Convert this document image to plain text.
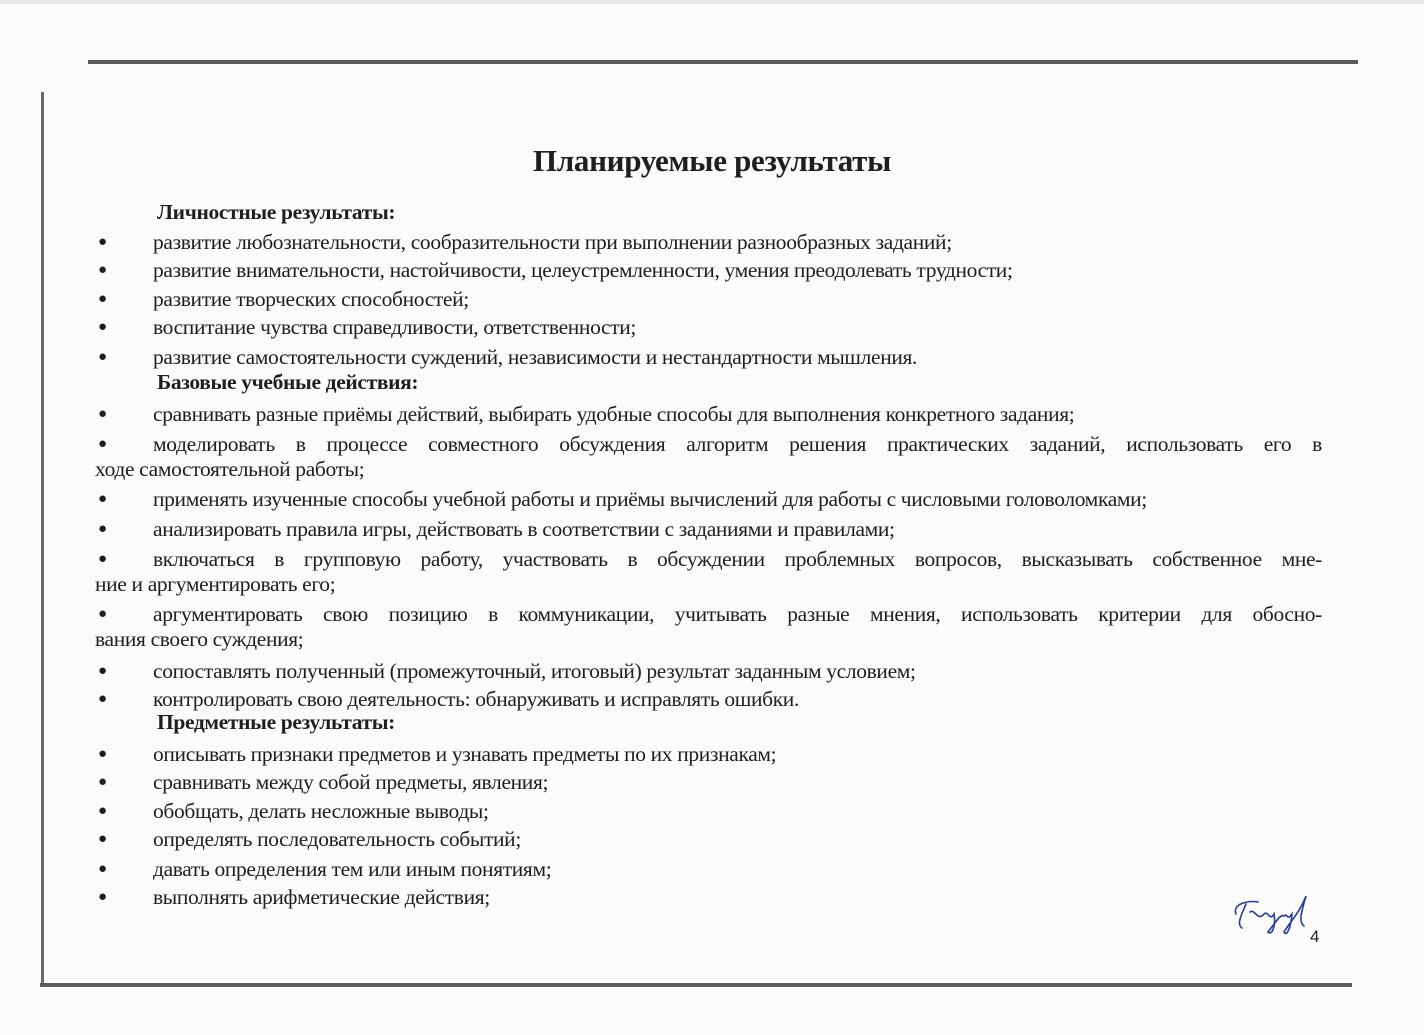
Планируемые результаты
Личностные результаты:
● развитие любознательности, сообразительности при выполнении разнообразных заданий;
● развитие внимательности, настойчивости, целеустремленности, умения преодолевать трудности;
● развитие творческих способностей;
● воспитание чувства справедливости, ответственности;
● развитие самостоятельности суждений, независимости и нестандартности мышления.
Базовые учебные действия:
● сравнивать разные приёмы действий, выбирать удобные способы для выполнения конкретного задания;
● моделировать в процессе совместного обсуждения алгоритм решения практических заданий, использовать его в
ходе самостоятельной работы;
● применять изученные способы учебной работы и приёмы вычислений для работы с числовыми головоломками;
● анализировать правила игры, действовать в соответствии с заданиями и правилами;
● включаться в групповую работу, участвовать в обсуждении проблемных вопросов, высказывать собственное мне-
ние и аргументировать его;
● аргументировать свою позицию в коммуникации, учитывать разные мнения, использовать критерии для обосно-
вания своего суждения;
● сопоставлять полученный (промежуточный, итоговый) результат заданным условием;
● контролировать свою деятельность: обнаруживать и исправлять ошибки.
Предметные результаты:
● описывать признаки предметов и узнавать предметы по их признакам;
● сравнивать между собой предметы, явления;
● обобщать, делать несложные выводы;
● определять последовательность событий;
● давать определения тем или иным понятиям;
● выполнять арифметические действия;
4
